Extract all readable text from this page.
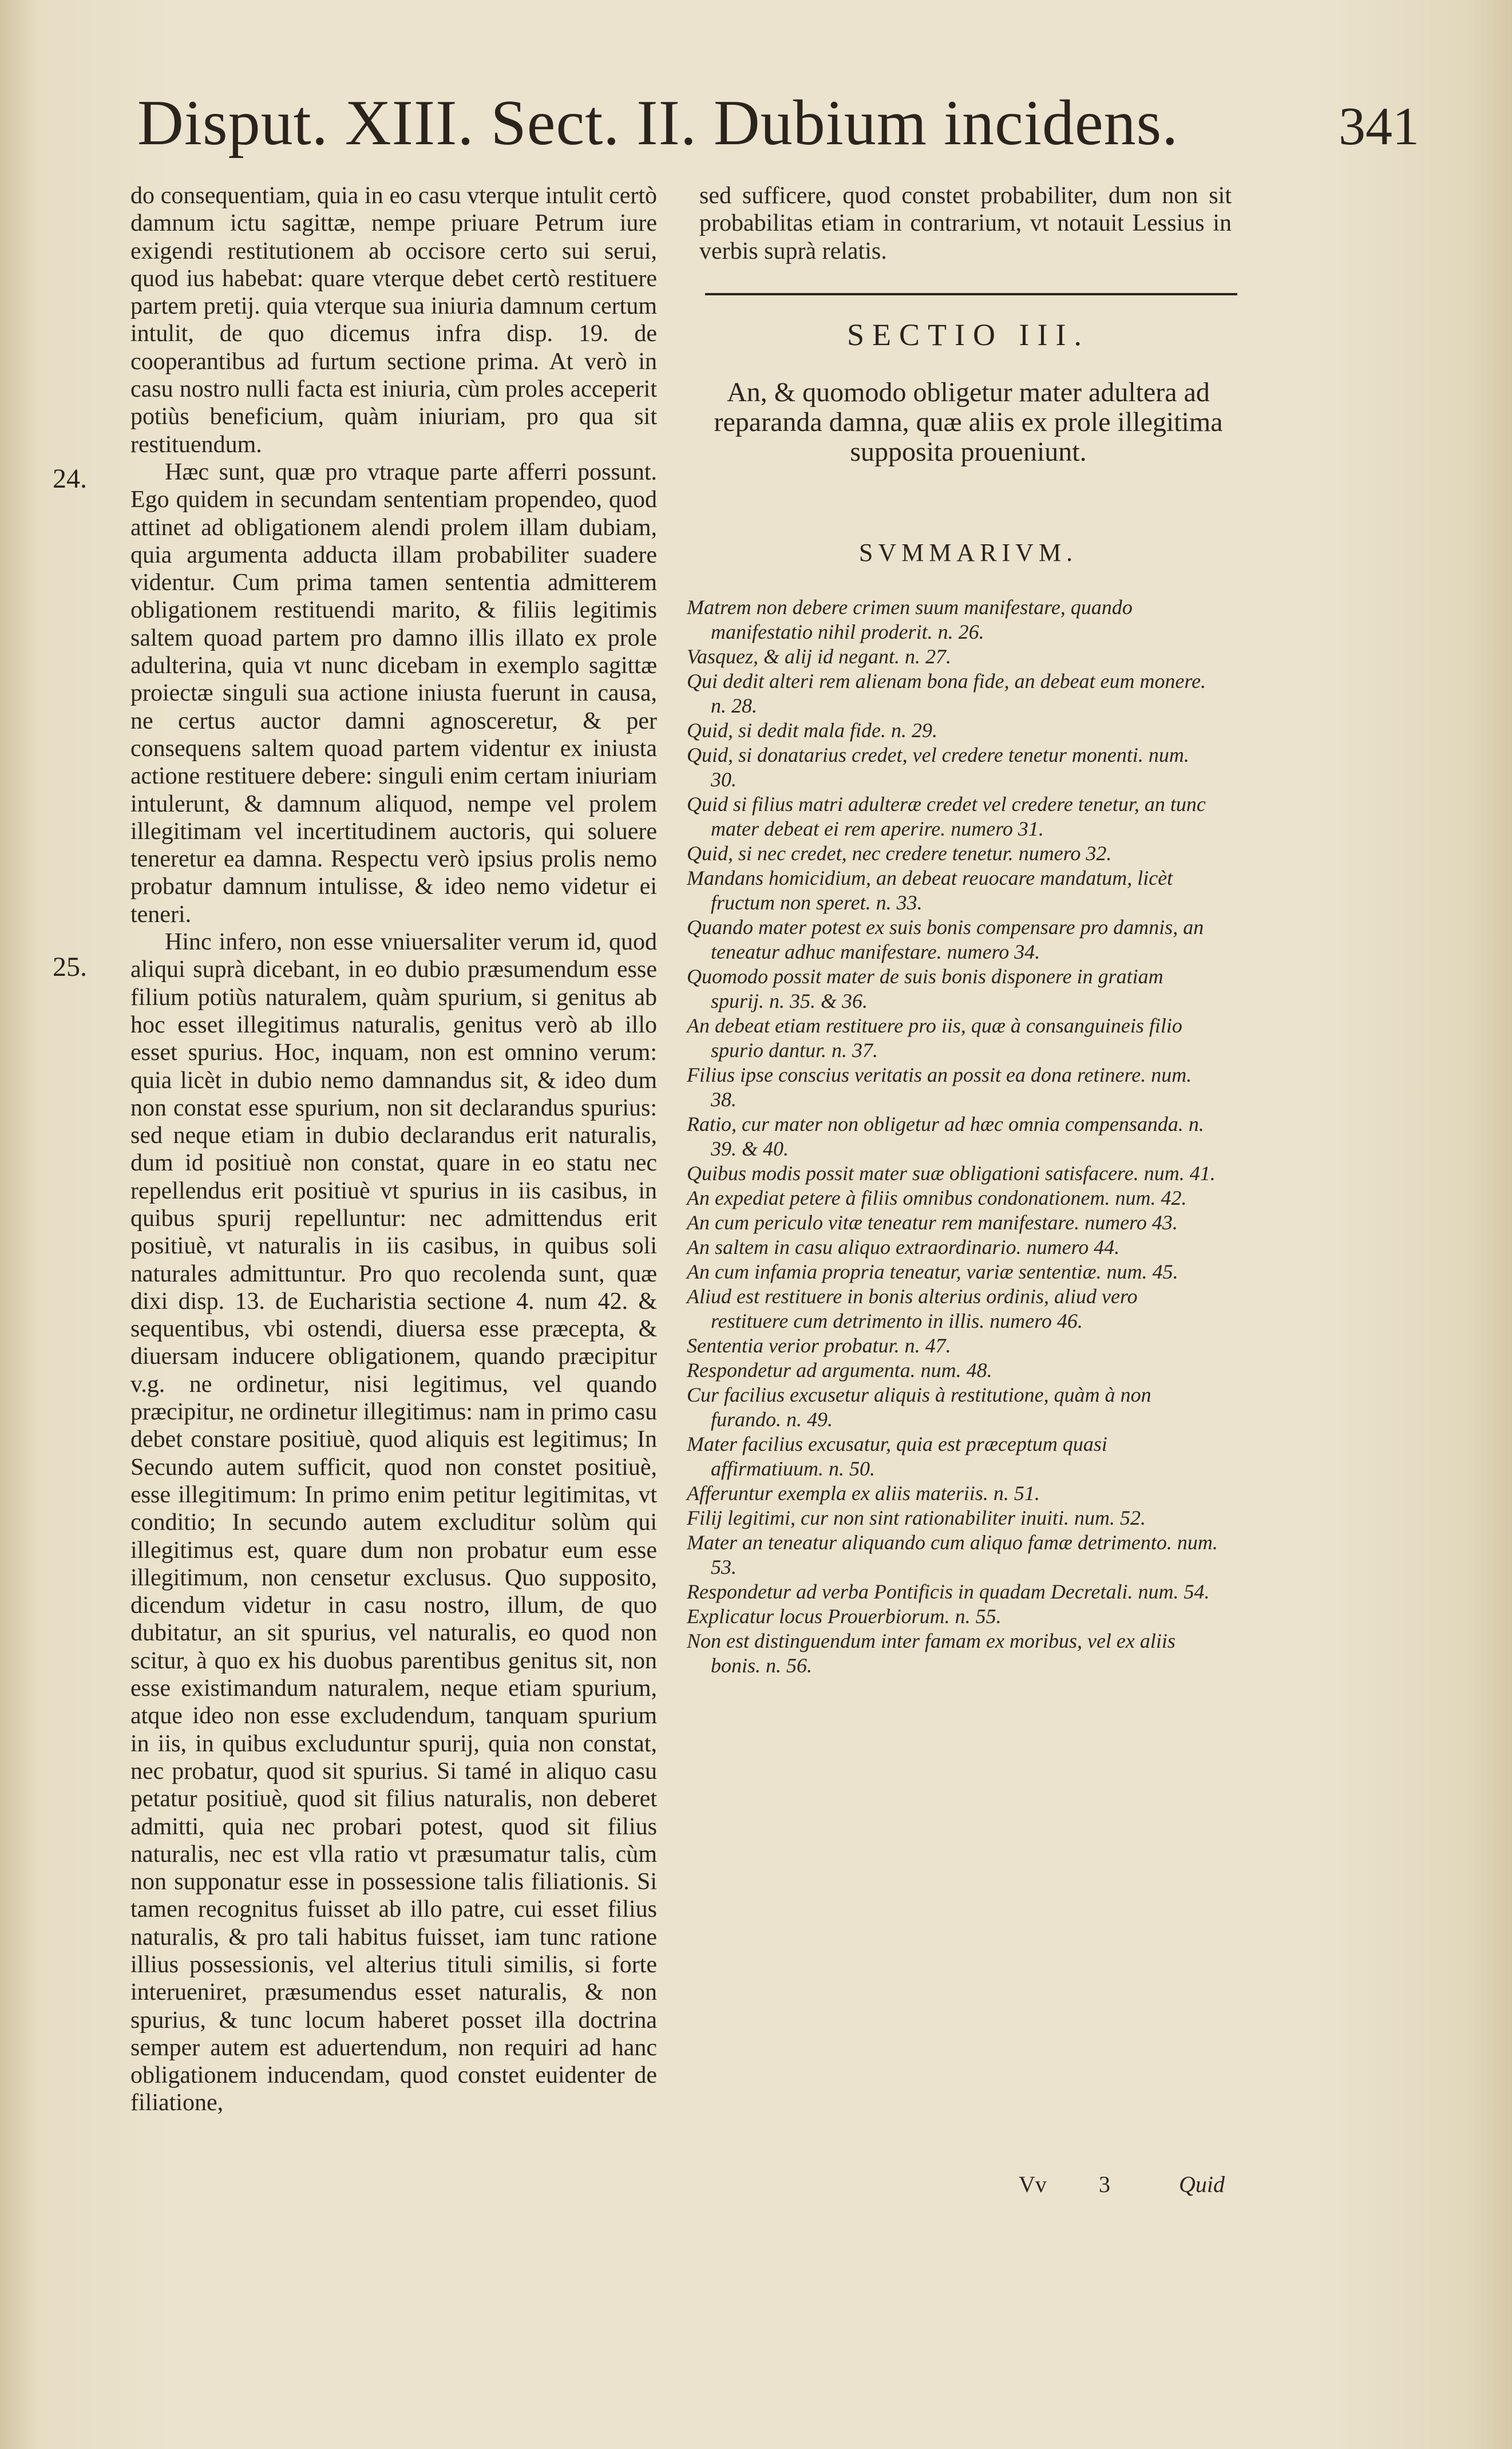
Disput. XIII. Sect. II. Dubium incidens.	341
24.
25.

do consequentiam, quia in eo casu vterque intulit certò damnum ictu sagittæ, nempe priuare Petrum iure exigendi restitutionem ab occisore certo sui serui, quod ius habebat: quare vterque debet certò restituere partem pretij. quia vterque sua iniuria damnum certum intulit, de quo dicemus infra disp. 19. de cooperantibus ad furtum sectione prima. At verò in casu nostro nulli facta est iniuria, cùm proles acceperit potiùs beneficium, quàm iniuriam, pro qua sit restituendum.

Hæc sunt, quæ pro vtraque parte afferri possunt. Ego quidem in secundam sententiam propendeo, quod attinet ad obligationem alendi prolem illam dubiam, quia argumenta adducta illam probabiliter suadere videntur. Cum prima tamen sententia admitterem obligationem restituendi marito, & filiis legitimis saltem quoad partem pro damno illis illato ex prole adulterina, quia vt nunc dicebam in exemplo sagittæ proiectæ singuli sua actione iniusta fuerunt in causa, ne certus auctor damni agnosceretur, & per consequens saltem quoad partem videntur ex iniusta actione restituere debere: singuli enim certam iniuriam intulerunt, & damnum aliquod, nempe vel prolem illegitimam vel incertitudinem auctoris, qui soluere teneretur ea damna. Respectu verò ipsius prolis nemo probatur damnum intulisse, & ideo nemo videtur ei teneri.

Hinc infero, non esse vniuersaliter verum id, quod aliqui suprà dicebant, in eo dubio præsumendum esse filium potiùs naturalem, quàm spurium, si genitus ab hoc esset illegitimus naturalis, genitus verò ab illo esset spurius. Hoc, inquam, non est omnino verum: quia licèt in dubio nemo damnandus sit, & ideo dum non constat esse spurium, non sit declarandus spurius: sed neque etiam in dubio declarandus erit naturalis, dum id positiuè non constat, quare in eo statu nec repellendus erit positiuè vt spurius in iis casibus, in quibus spurij repelluntur: nec admittendus erit positiuè, vt naturalis in iis casibus, in quibus soli naturales admittuntur. Pro quo recolenda sunt, quæ dixi disp. 13. de Eucharistia sectione 4. num 42. & sequentibus, vbi ostendi, diuersa esse præcepta, & diuersam inducere obligationem, quando præcipitur v.g. ne ordinetur, nisi legitimus, vel quando præcipitur, ne ordinetur illegitimus: nam in primo casu debet constare positiuè, quod aliquis est legitimus; In Secundo autem sufficit, quod non constet positiuè, esse illegitimum: In primo enim petitur legitimitas, vt conditio; In secundo autem excluditur solùm qui illegitimus est, quare dum non probatur eum esse illegitimum, non censetur exclusus. Quo supposito, dicendum videtur in casu nostro, illum, de quo dubitatur, an sit spurius, vel naturalis, eo quod non scitur, à quo ex his duobus parentibus genitus sit, non esse existimandum naturalem, neque etiam spurium, atque ideo non esse excludendum, tanquam spurium in iis, in quibus excluduntur spurij, quia non constat, nec probatur, quod sit spurius. Si tamé in aliquo casu petatur positiuè, quod sit filius naturalis, non deberet admitti, quia nec probari potest, quod sit filius naturalis, nec est vlla ratio vt præsumatur talis, cùm non supponatur esse in possessione talis filiationis. Si tamen recognitus fuisset ab illo patre, cui esset filius naturalis, & pro tali habitus fuisset, iam tunc ratione illius possessionis, vel alterius tituli similis, si forte interueniret, præsumendus esset naturalis, & non spurius, & tunc locum haberet posset illa doctrina semper autem est aduertendum, non requiri ad hanc obligationem inducendam, quod constet euidenter de filiatione,

sed sufficere, quod constet probabiliter, dum non sit probabilitas etiam in contrarium, vt notauit Lessius in verbis suprà relatis.

SECTIO III.
An, & quomodo obligetur mater adultera ad reparanda damna, quæ aliis ex prole illegitima supposita proueniunt.
SVMMARIVM.
Matrem non debere crimen suum manifestare, quando manifestatio nihil proderit. n. 26.
Vasquez, & alij id negant. n. 27.
Qui dedit alteri rem alienam bona fide, an debeat eum monere. n. 28.
Quid, si dedit mala fide. n. 29.
Quid, si donatarius credet, vel credere tenetur monenti. num. 30.
Quid si filius matri adulteræ credet vel credere tenetur, an tunc mater debeat ei rem aperire. numero 31.
Quid, si nec credet, nec credere tenetur. numero 32.
Mandans homicidium, an debeat reuocare mandatum, licèt fructum non speret. n. 33.
Quando mater potest ex suis bonis compensare pro damnis, an teneatur adhuc manifestare. numero 34.
Quomodo possit mater de suis bonis disponere in gratiam spurij. n. 35. & 36.
An debeat etiam restituere pro iis, quæ à consanguineis filio spurio dantur. n. 37.
Filius ipse conscius veritatis an possit ea dona retinere. num. 38.
Ratio, cur mater non obligetur ad hæc omnia compensanda. n. 39. & 40.
Quibus modis possit mater suæ obligationi satisfacere. num. 41.
An expediat petere à filiis omnibus condonationem. num. 42.
An cum periculo vitæ teneatur rem manifestare. numero 43.
An saltem in casu aliquo extraordinario. numero 44.
An cum infamia propria teneatur, variæ sententiæ. num. 45.
Aliud est restituere in bonis alterius ordinis, aliud vero restituere cum detrimento in illis. numero 46.
Sententia verior probatur. n. 47.
Respondetur ad argumenta. num. 48.
Cur facilius excusetur aliquis à restitutione, quàm à non furando. n. 49.
Mater facilius excusatur, quia est præceptum quasi affirmatiuum. n. 50.
Afferuntur exempla ex aliis materiis. n. 51.
Filij legitimi, cur non sint rationabiliter inuiti. num. 52.
Mater an teneatur aliquando cum aliquo famæ detrimento. num. 53.
Respondetur ad verba Pontificis in quadam Decretali. num. 54.
Explicatur locus Prouerbiorum. n. 55.
Non est distinguendum inter famam ex moribus, vel ex aliis bonis. n. 56.
Vv 3	Quid
